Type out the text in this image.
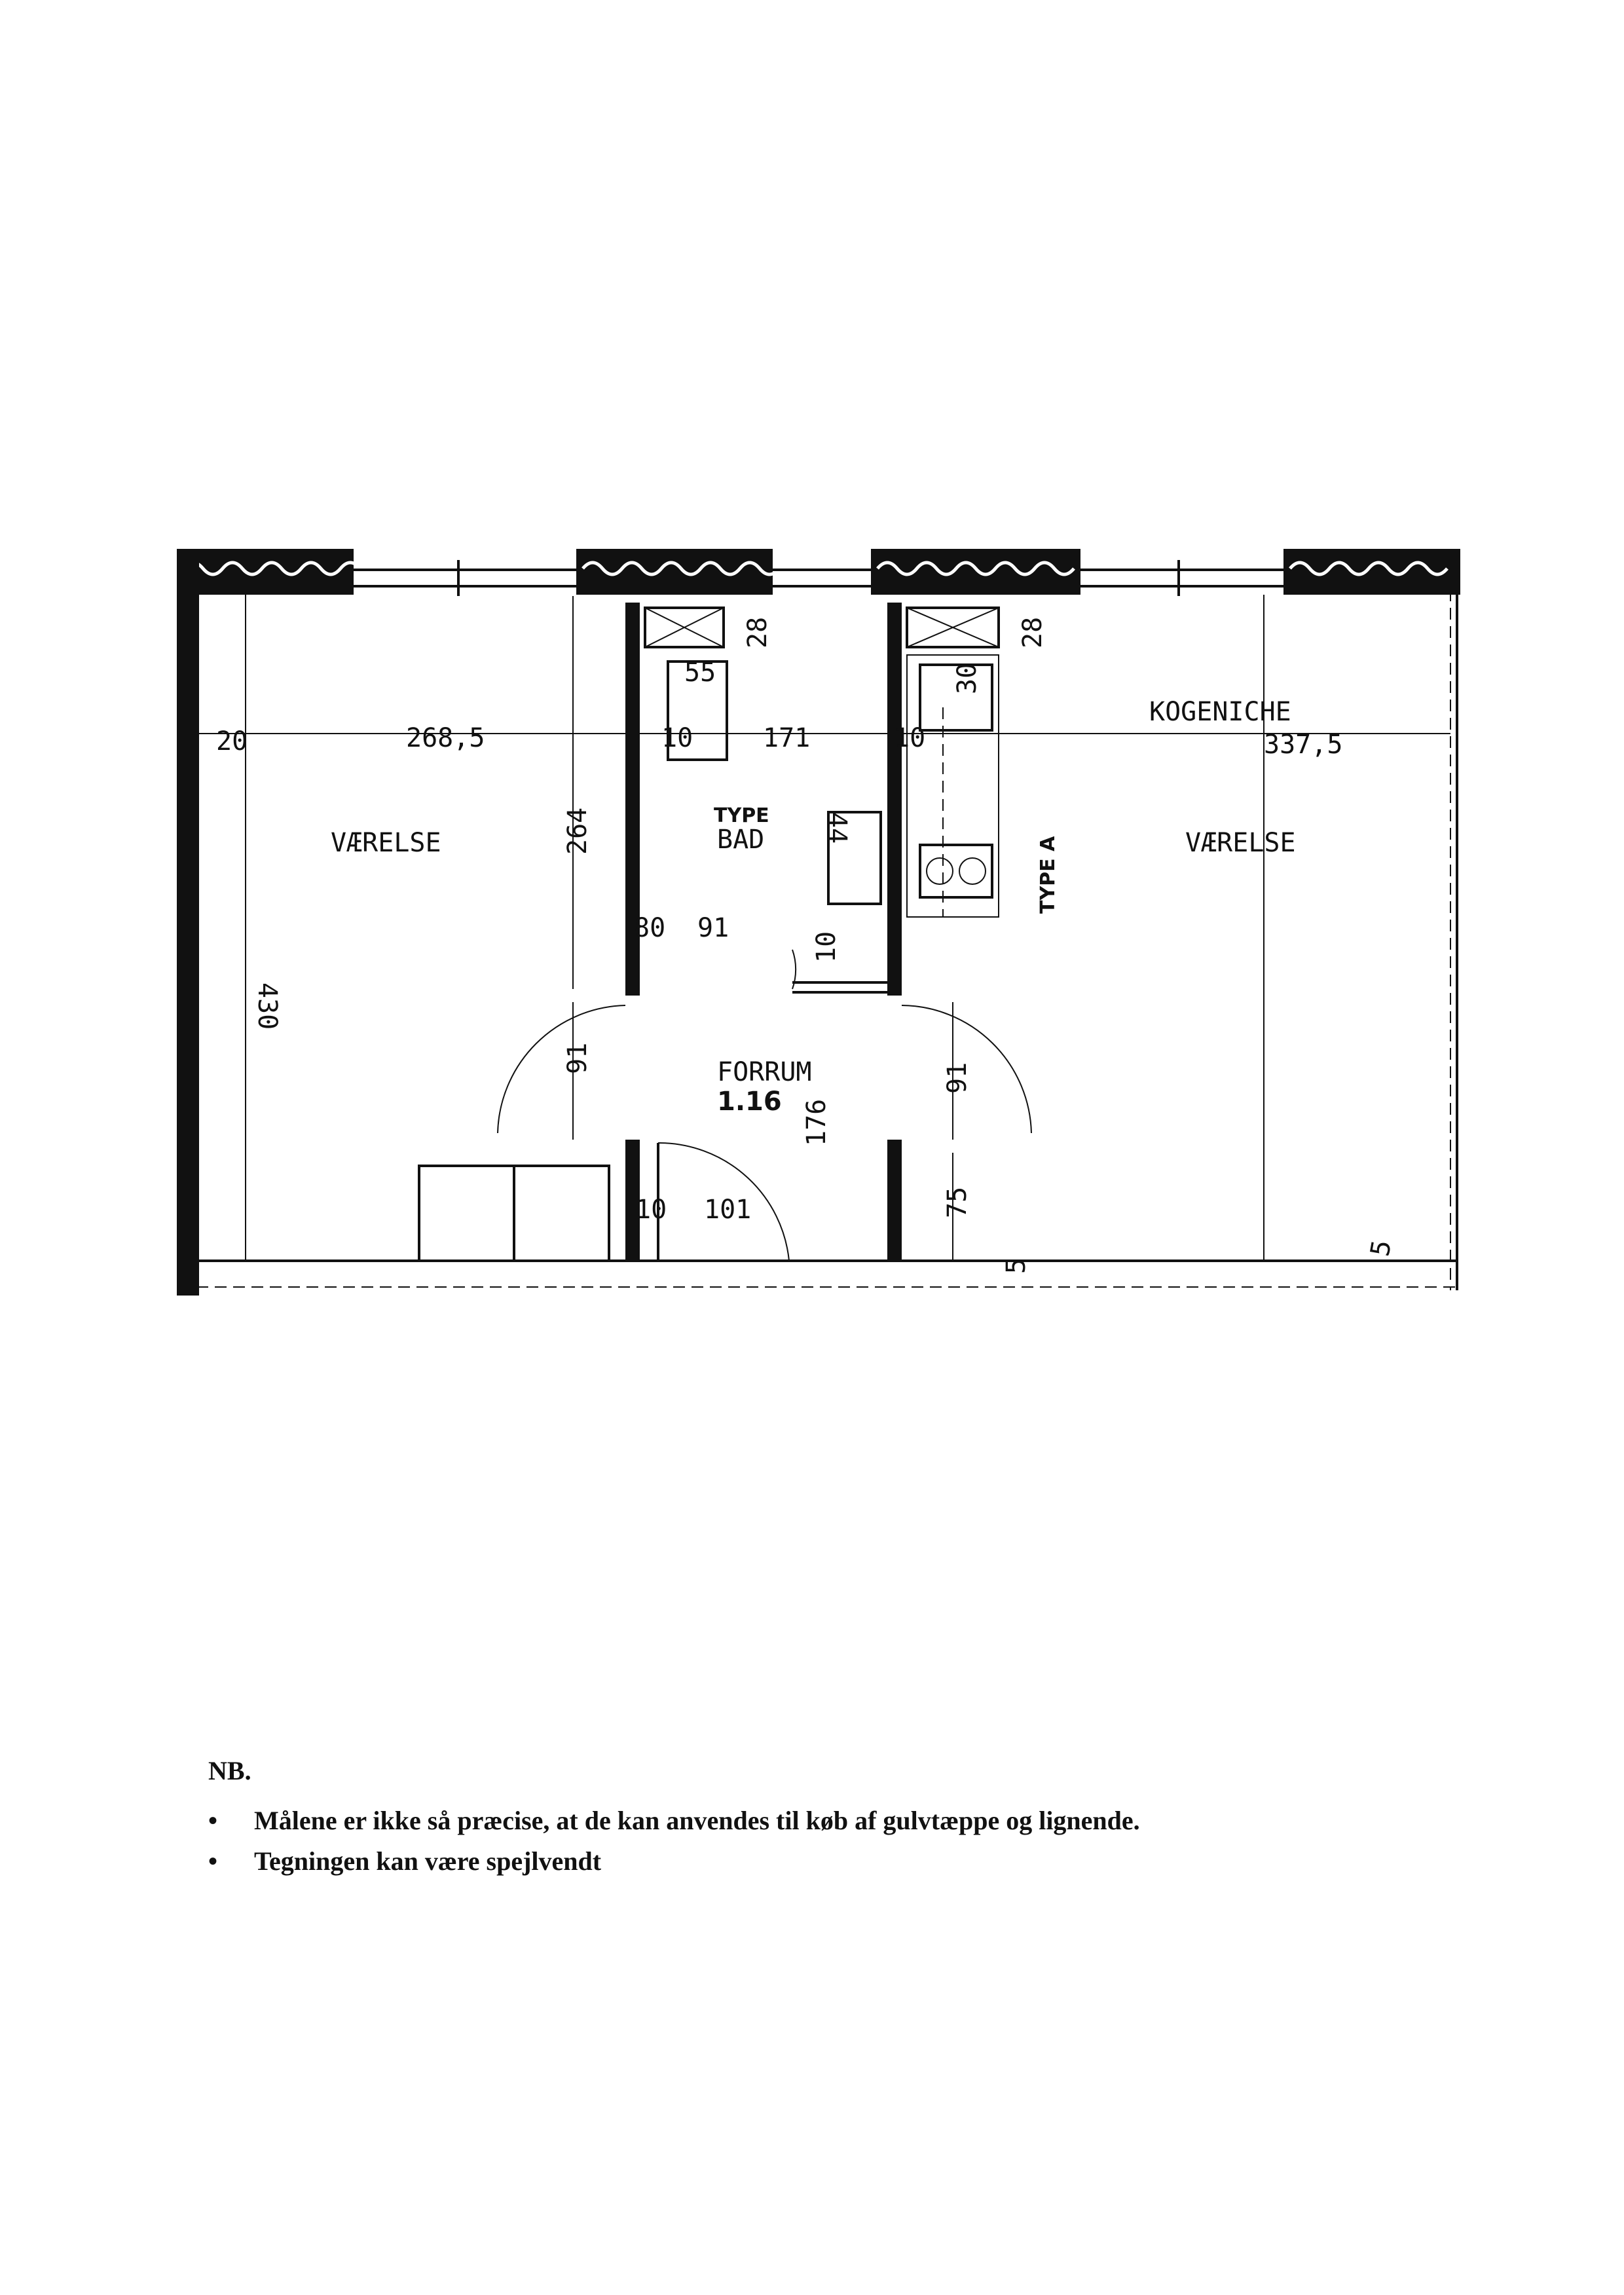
VÆRELSE	VÆRELSE
KOGENICHE
TYPE
BAD
FORRUM
1.16
TYPE A
20	268,5
264
430
10	171	10
55
28	28
30
337,5
44
10
91
91
91
80
176
75
101
10
5
5
NB.
• Målene er ikke så præcise, at de kan anvendes til køb af gulvtæppe og lignende.
• Tegningen kan være spejlvendt
